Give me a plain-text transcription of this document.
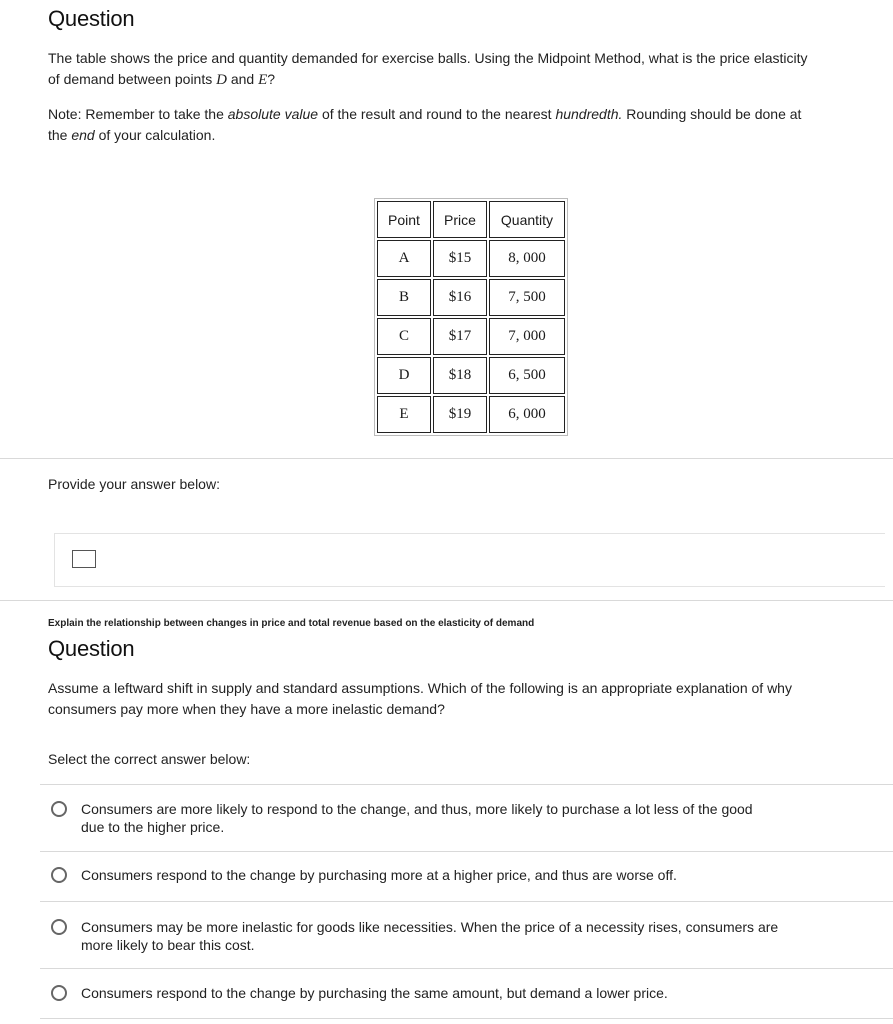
Question
The table shows the price and quantity demanded for exercise balls. Using the Midpoint Method, what is the price elasticity
of demand between points D and E?
Note: Remember to take the absolute value of the result and round to the nearest hundredth. Rounding should be done at
the end of your calculation.
Point	Price	Quantity
A	$15	8, 000
B	$16	7, 500
C	$17	7, 000
D	$18	6, 500
E	$19	6, 000
Provide your answer below:
Explain the relationship between changes in price and total revenue based on the elasticity of demand
Question
Assume a leftward shift in supply and standard assumptions. Which of the following is an appropriate explanation of why
consumers pay more when they have a more inelastic demand?
Select the correct answer below:
Consumers are more likely to respond to the change, and thus, more likely to purchase a lot less of the good
due to the higher price.
Consumers respond to the change by purchasing more at a higher price, and thus are worse off.
Consumers may be more inelastic for goods like necessities. When the price of a necessity rises, consumers are
more likely to bear this cost.
Consumers respond to the change by purchasing the same amount, but demand a lower price.
